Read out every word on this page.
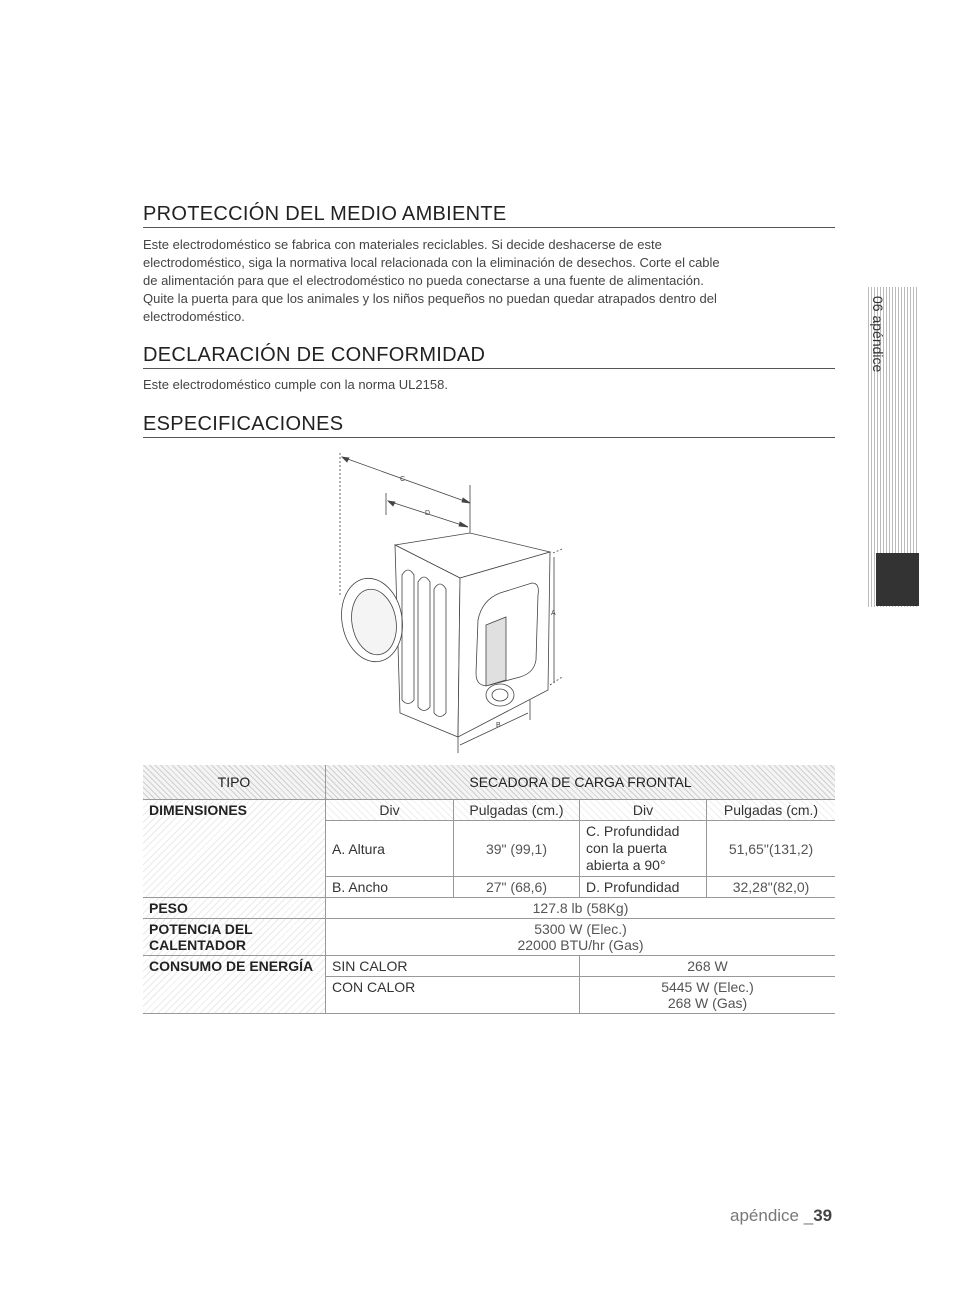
PROTECCIÓN DEL MEDIO AMBIENTE
Este electrodoméstico se fabrica con materiales reciclables. Si decide deshacerse de este
electrodoméstico, siga la normativa local relacionada con la eliminación de desechos. Corte el cable
de alimentación para que el electrodoméstico no pueda conectarse a una fuente de alimentación.
Quite la puerta para que los animales y los niños pequeños no puedan quedar atrapados dentro del
electrodoméstico.
DECLARACIÓN DE CONFORMIDAD
Este electrodoméstico cumple con la norma UL2158.
ESPECIFICACIONES
C
D
A
B
06 apéndice
TIPO	SECADORA DE CARGA FRONTAL			
DIMENSIONES	Div	Pulgadas (cm.)	Div	Pulgadas (cm.)
	A. Altura	39" (99,1)	C. Profundidad con la puerta abierta a 90°	51,65"(131,2)
	B. Ancho	27" (68,6)	D. Profundidad	32,28"(82,0)
PESO	127.8 lb (58Kg)			
POTENCIA DEL CALENTADOR	5300 W (Elec.)
22000 BTU/hr (Gas)			

CONSUMO DE ENERGÍA	SIN CALOR		268 W	
	CON CALOR		5445 W (Elec.)
268 W (Gas)	
apéndice _39
